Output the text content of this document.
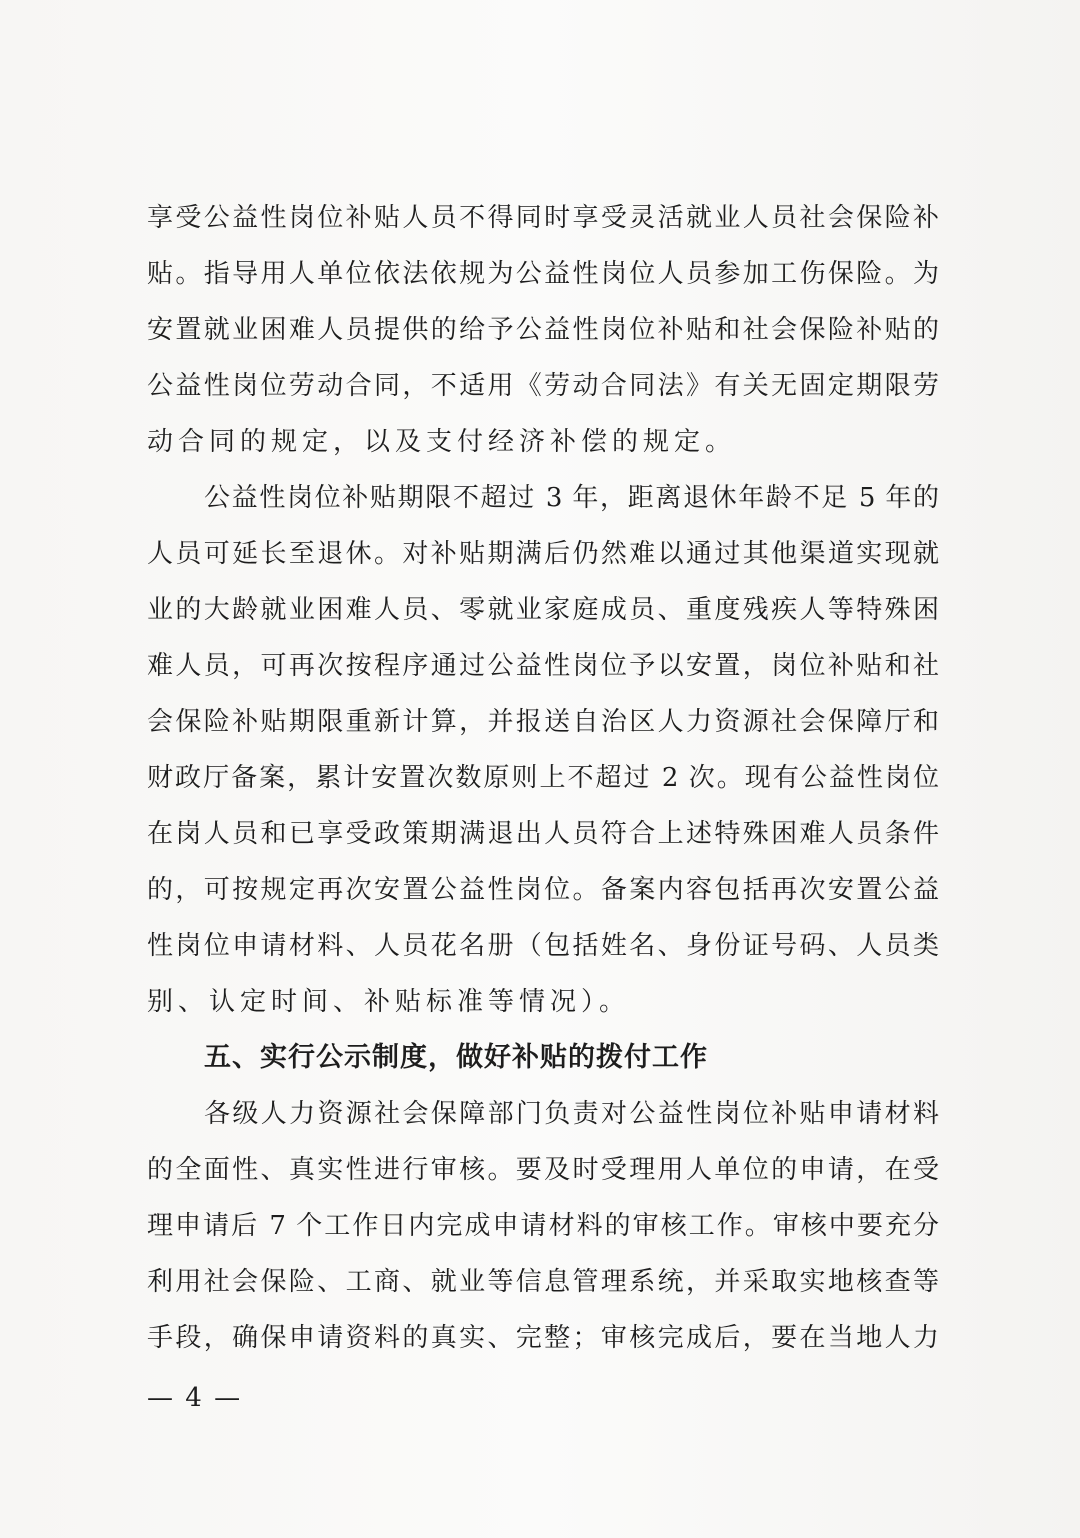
享受公益性岗位补贴人员不得同时享受灵活就业人员社会保险补
贴。指导用人单位依法依规为公益性岗位人员参加工伤保险。为
安置就业困难人员提供的给予公益性岗位补贴和社会保险补贴的
公益性岗位劳动合同，不适用《劳动合同法》有关无固定期限劳
动合同的规定，以及支付经济补偿的规定。
公益性岗位补贴期限不超过 3 年，距离退休年龄不足 5 年的
人员可延长至退休。对补贴期满后仍然难以通过其他渠道实现就
业的大龄就业困难人员、零就业家庭成员、重度残疾人等特殊困
难人员，可再次按程序通过公益性岗位予以安置，岗位补贴和社
会保险补贴期限重新计算，并报送自治区人力资源社会保障厅和
财政厅备案，累计安置次数原则上不超过 2 次。现有公益性岗位
在岗人员和已享受政策期满退出人员符合上述特殊困难人员条件
的，可按规定再次安置公益性岗位。备案内容包括再次安置公益
性岗位申请材料、人员花名册（包括姓名、身份证号码、人员类
别、认定时间、补贴标准等情况）。
五、实行公示制度，做好补贴的拨付工作
各级人力资源社会保障部门负责对公益性岗位补贴申请材料
的全面性、真实性进行审核。要及时受理用人单位的申请，在受
理申请后 7 个工作日内完成申请材料的审核工作。审核中要充分
利用社会保险、工商、就业等信息管理系统，并采取实地核查等
手段，确保申请资料的真实、完整；审核完成后，要在当地人力
— 4 —
